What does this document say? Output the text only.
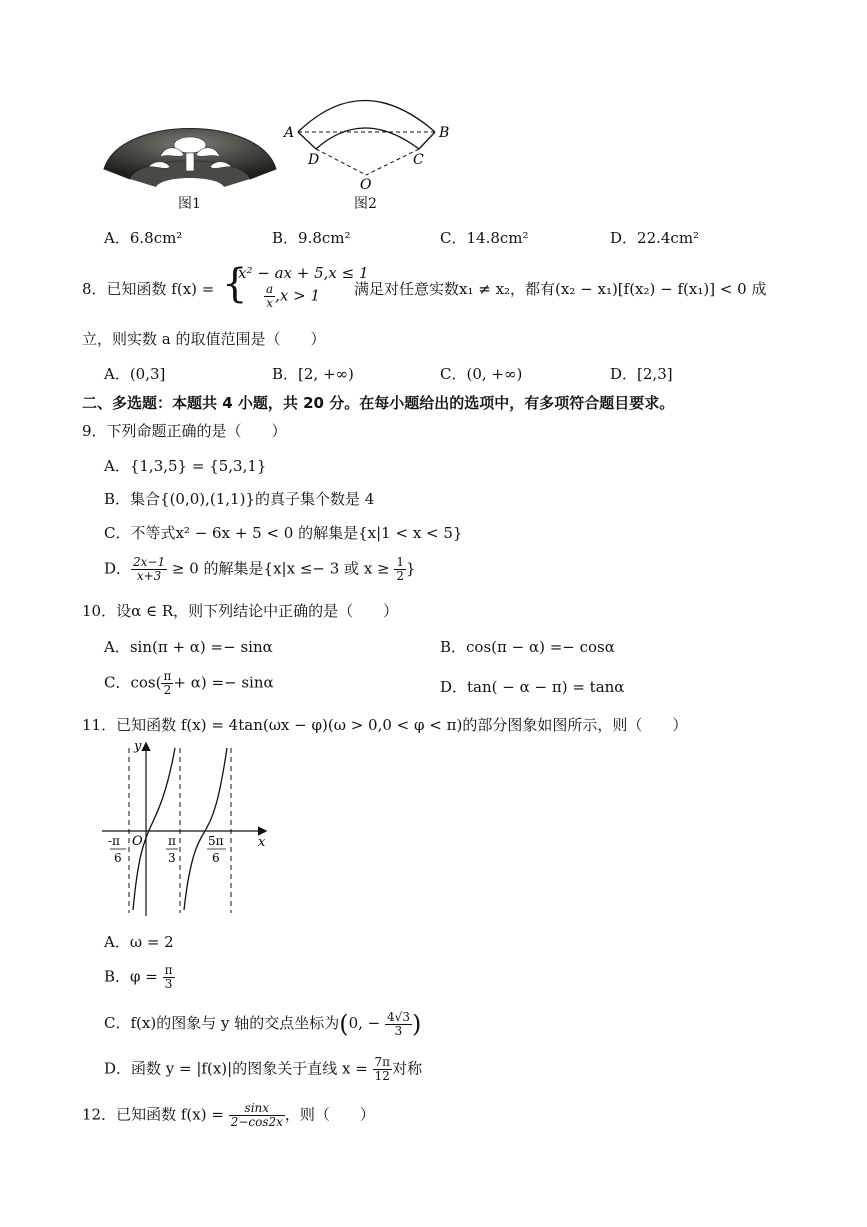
图1
A	B
D	C
O
图2
A．6.8cm²	B．9.8cm²	C．14.8cm²	D．22.4cm²
8．已知函数 f(x) = {
x² − ax + 5,x ≤ 1
$\frac{a}{x} ,x > 1$ 满足对任意实数x₁ ≠ x₂，都有(x₂ − x₁)[f(x₂) − f(x₁)] < 0 成
立，则实数 a 的取值范围是（　　）
A．(0,3]	B．[2, +∞)	C．(0, +∞)	D．[2,3]
二、多选题：本题共 4 小题，共 20 分。在每小题给出的选项中，有多项符合题目要求。
9．下列命题正确的是（　　）
A．{1,3,5} = {5,3,1}
B．集合{(0,0),(1,1)}的真子集个数是 4
C．不等式x² − 6x + 5 < 0 的解集是{x|1 < x < 5}
D． $\frac{2x-1}{x+3} \ge 0$ 的解集是{x|x ≤− 3 或 $x \ge \frac{1}{2}$ }
10．设α ∈ R，则下列结论中正确的是（　　）
A．sin(π + α) =− sinα	B．cos(π − α) =− cosα
C．$\cos( \frac{\pi}{2} + \alpha) =- \sin\alpha$	D．tan( − α − π) = tanα
11．已知函数 f(x) = 4tan(ωx − φ)(ω > 0,0 < φ < π)的部分图象如图所示，则（　　）
y
x
O
-π
6
π
3
5π
6
A．ω = 2
B．$\varphi = \frac{\pi}{3}$
C．f(x)的图象与 y 轴的交点坐标为(0, − $\frac{4√3}{3}$ )
D．函数 y = |f(x)|的图象关于直线 $x = \frac{7\pi}{12}$ 对称
12．已知函数 $f(x) = \frac{\sin x}{2-\cos 2x}$ ，则（　　）
